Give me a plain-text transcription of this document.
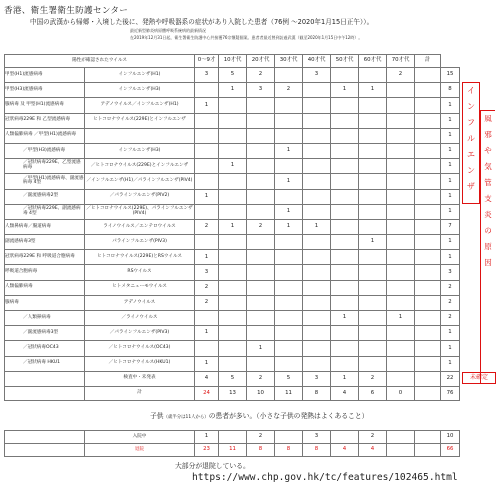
香港、衛生署衛生防護センター
中国の武漢から帰郷・入境した後に、発熱や呼吸器系の症状があり入院した患者（76例 ～2020年1月15日正午））。
最近新型肺炎病原體呼吸系統病的最新情况
在2019年12月31日起，衛生署衛生防護中心共接獲76宗懷疑個案。患者者最近曾到訪過武漢（截至2020年1月15日中午12時）。
陽性が確認されたウイルス		0～9才	10才代	20才代	30才代	40才代	50才代	60才代	70才代	計	
甲型(H1)流感病毒	インフルエンザ(H1)	3	5	2		3			2		15
甲型(H3)流感病毒	インフルエンザ(H3)		1	3	2		1	1			8
腺病毒 及 甲型(H1)流感病毒	アデノウイルス／インフルエンザ(H1)	1									1
冠狀病毒229E 和 乙型流感病毒	ヒトコロナウイルス(229E)とインフルエンザ										1
人類偏肺病毒 ／甲型(H1)流感病毒											1
／甲型(H3)流感病毒	インフルエンザ(H3)				1						1
／冠狀病毒229E、乙型流感病毒	／ヒトコロナウイルス(229E)とインフルエンザ		1								1
／甲型(H1)流感病毒、副流感病毒 4型	／インフルエンザ(H1)／パラインフルエンザ(PIV4)				1						1
／副流感病毒2型	／パラインフルエンザ(PIV2)	1									1
／冠狀病毒229E、副流感病毒 4型	／ヒトコロナウイルス(229E)、パラインフルエンザ(PIV4)				1						1
人類鼻病毒／腸道病毒	ライノウイルス／エンテロウイルス	2	1	2	1	1					7
副流感病毒3型	パラインフルエンザ(PIV3)							1			1
冠狀病毒229E 和 呼吸道合胞病毒	ヒトコロナウイルス(229E)とRSウイルス	1									1
呼吸道合胞病毒	RSウイルス	3									3
人類偏肺病毒	ヒトメタニューモウイルス	2									2
腺病毒	アデノウイルス	2									2
／人類鼻病毒	／ライノウイルス						1		1		2
／副流感病毒3型	／パラインフルエンザ(PIV3)	1									1
／冠狀病毒OC43	／ヒトコロナウイルス(OC43)			1							1
／冠狀病毒 HKU1	／ヒトコロナウイルス(HKU1)	1									1
	検査中・未発表	4	5	2	5	3	1	2			22
	計	24	13	10	11	8	4	6	0		76
イ
ン
フ
ル
エ
ン
ザ
風
邪
や
気
管
支
炎
の
原
因
未確定
子供（歳半分は11人から）の患者が多い。（小さな子供の発熱はよくあること）
	入院中	1		2		3		2			10
	退院	23	11	8	8	8	4	4			66
大部分が退院している。
https://www.chp.gov.hk/tc/features/102465.html
